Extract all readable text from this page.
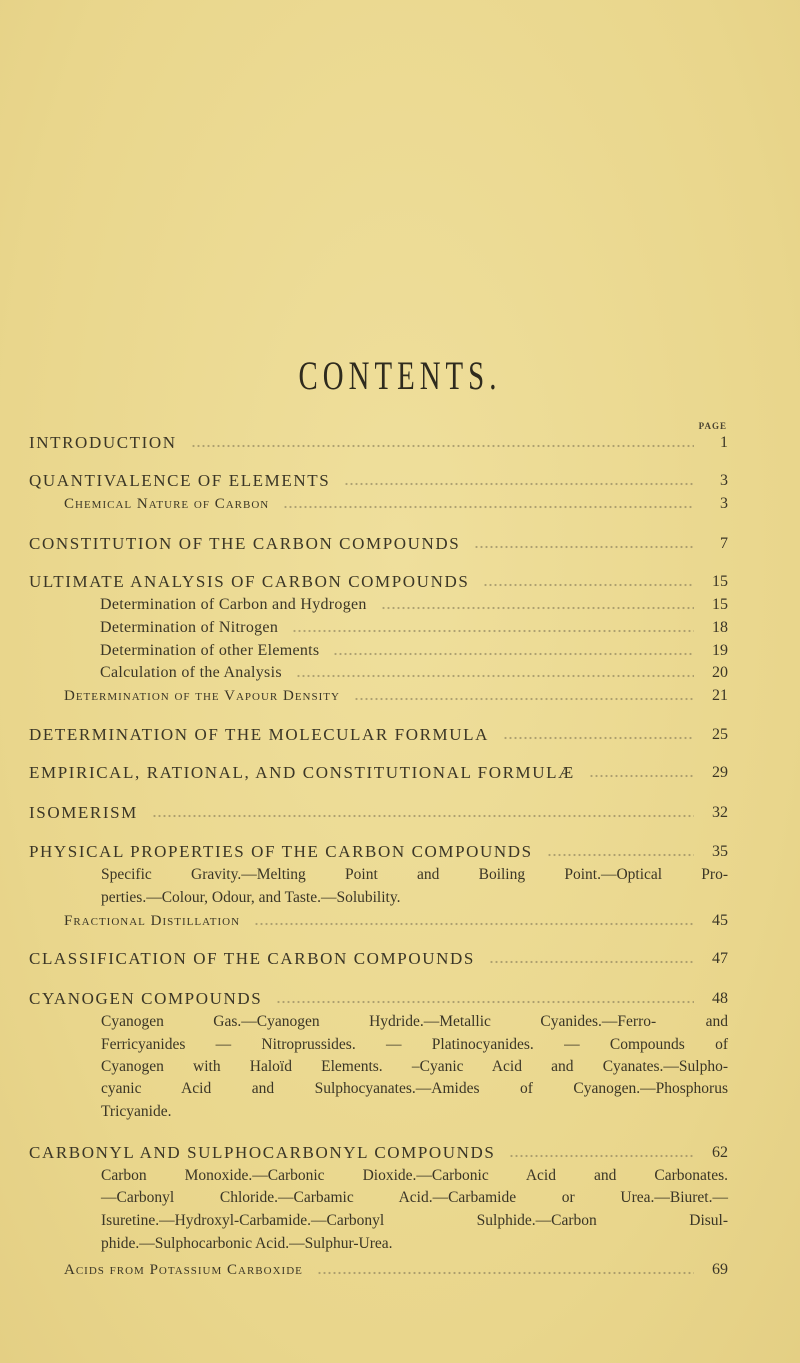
CONTENTS.
PAGE
INTRODUCTION	1
QUANTIVALENCE OF ELEMENTS	3
Chemical Nature of Carbon	3
CONSTITUTION OF THE CARBON COMPOUNDS	7
ULTIMATE ANALYSIS OF CARBON COMPOUNDS	15
Determination of Carbon and Hydrogen	15
Determination of Nitrogen	18
Determination of other Elements	19
Calculation of the Analysis	20
Determination of the Vapour Density	21
DETERMINATION OF THE MOLECULAR FORMULA	25
EMPIRICAL, RATIONAL, AND CONSTITUTIONAL FORMULÆ	29
ISOMERISM	32
PHYSICAL PROPERTIES OF THE CARBON COMPOUNDS	35
Specific Gravity.—Melting Point and Boiling Point.—Optical Pro-
perties.—Colour, Odour, and Taste.—Solubility.
Fractional Distillation	45
CLASSIFICATION OF THE CARBON COMPOUNDS	47
CYANOGEN COMPOUNDS	48
Cyanogen Gas.—Cyanogen Hydride.—Metallic Cyanides.—Ferro- and
Ferricyanides — Nitroprussides. — Platinocyanides. — Compounds of
Cyanogen with Haloïd Elements. –Cyanic Acid and Cyanates.—Sulpho-
cyanic Acid and Sulphocyanates.—Amides of Cyanogen.—Phosphorus
Tricyanide.
CARBONYL AND SULPHOCARBONYL COMPOUNDS	62
Carbon Monoxide.—Carbonic Dioxide.—Carbonic Acid and Carbonates.
—Carbonyl Chloride.—Carbamic Acid.—Carbamide or Urea.—Biuret.—
Isuretine.—Hydroxyl-Carbamide.—Carbonyl Sulphide.—Carbon Disul-
phide.—Sulphocarbonic Acid.—Sulphur-Urea.
Acids from Potassium Carboxide	69
